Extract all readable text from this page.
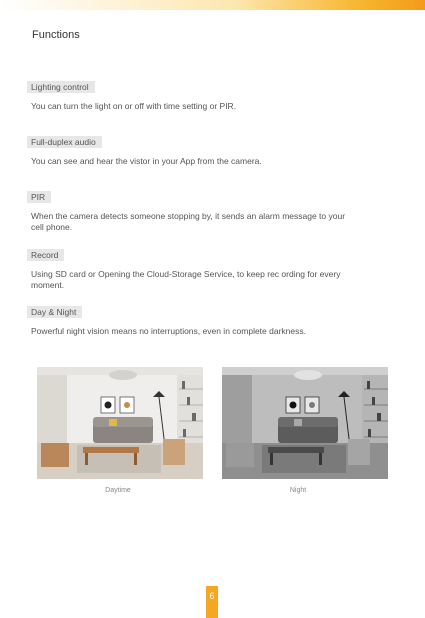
Functions
Lighting control
You can turn the light on or off with time setting or PIR.
Full-duplex audio
You can see and hear the vistor in your App from the camera.
PIR
When the camera detects someone stopping by, it sends an alarm message to your cell phone.
Record
Using SD card or Opening the Cloud-Storage Service, to keep rec ording for every moment.
Day & Night
Powerful night vision means no interruptions, even in complete darkness.
Daytime	Night
6
